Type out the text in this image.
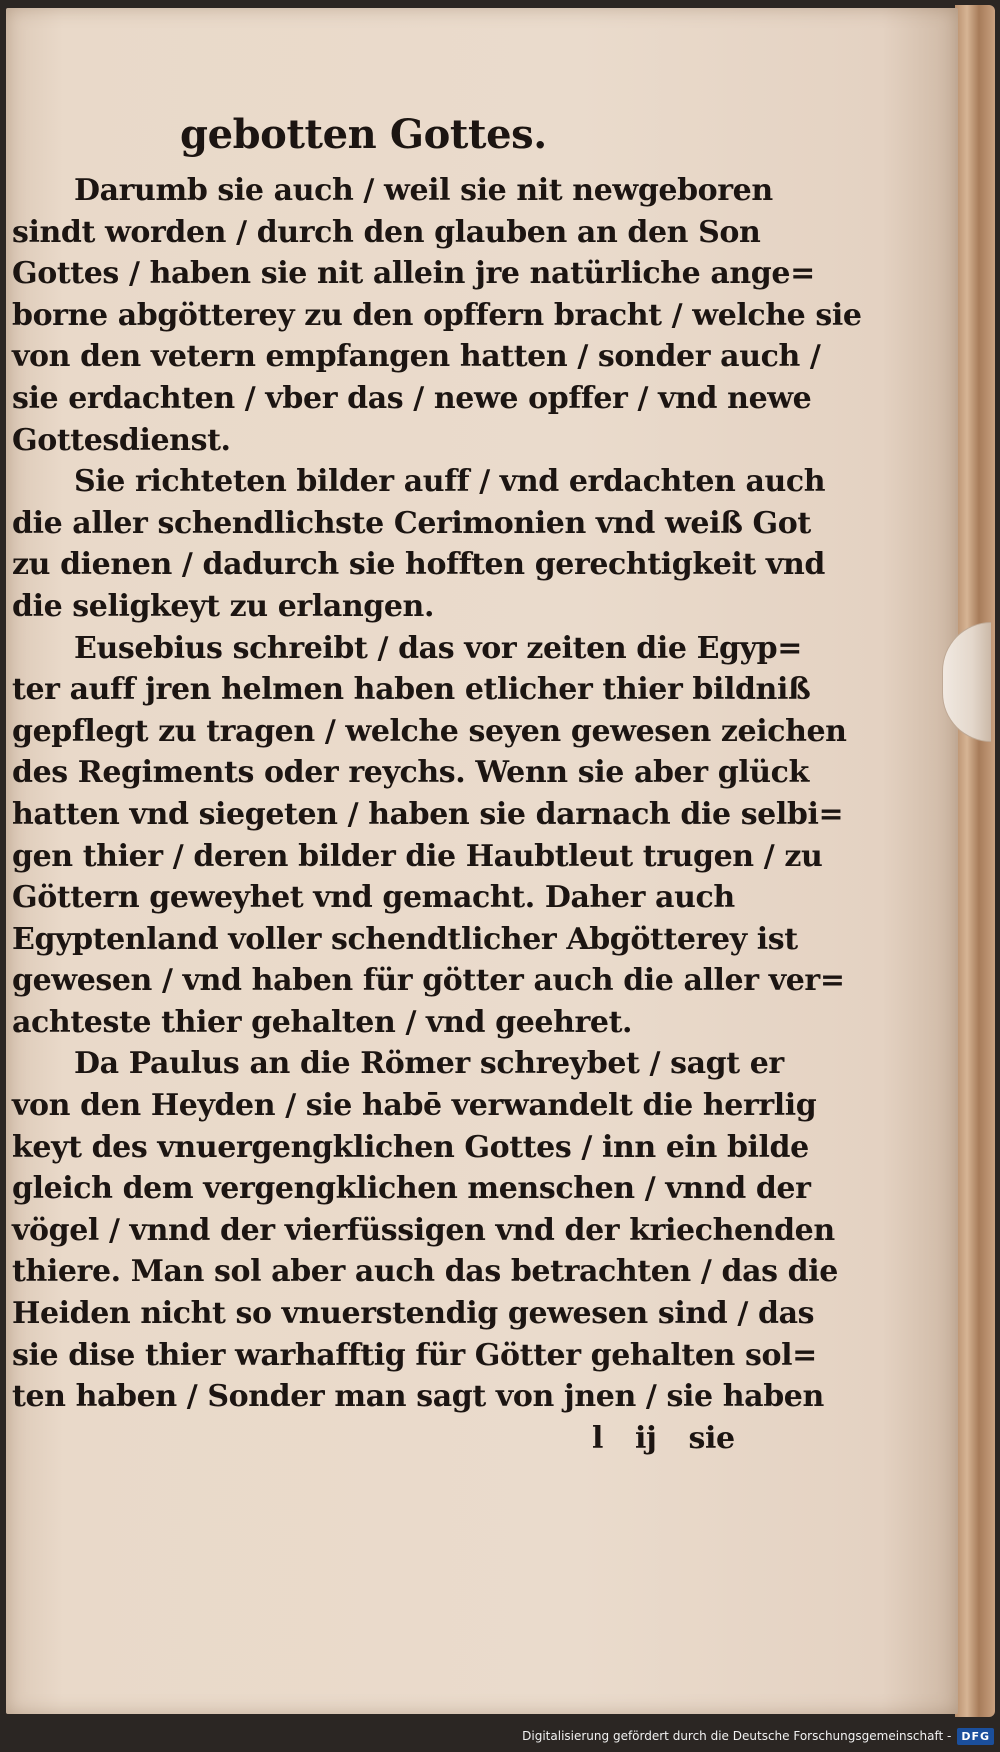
gebotten Gottes.
Darumb sie auch / weil sie nit newgeboren
sindt worden / durch den glauben an den Son
Gottes / haben sie nit allein jre natürliche ange=
borne abgötterey zu den opffern bracht / welche sie
von den vetern empfangen hatten / sonder auch /
sie erdachten / vber das / newe opffer / vnd newe
Gottesdienst.
Sie richteten bilder auff / vnd erdachten auch
die aller schendlichste Cerimonien vnd weiß Got
zu dienen / dadurch sie hofften gerechtigkeit vnd
die seligkeyt zu erlangen.
Eusebius schreibt / das vor zeiten die Egyp=
ter auff jren helmen haben etlicher thier bildniß
gepflegt zu tragen / welche seyen gewesen zeichen
des Regiments oder reychs. Wenn sie aber glück
hatten vnd siegeten / haben sie darnach die selbi=
gen thier / deren bilder die Haubtleut trugen / zu
Göttern geweyhet vnd gemacht. Daher auch
Egyptenland voller schendtlicher Abgötterey ist
gewesen / vnd haben für götter auch die aller ver=
achteste thier gehalten / vnd geehret.
Da Paulus an die Römer schreybet / sagt er
von den Heyden / sie habē verwandelt die herrlig
keyt des vnuergengklichen Gottes / inn ein bilde
gleich dem vergengklichen menschen / vnnd der
vögel / vnnd der vierfüssigen vnd der kriechenden
thiere. Man sol aber auch das betrachten / das die
Heiden nicht so vnuerstendig gewesen sind / das
sie dise thier warhafftig für Götter gehalten sol=
ten haben / Sonder man sagt von jnen / sie haben
l ij sie
Digitalisierung gefördert durch die Deutsche Forschungsgemeinschaft - DFG
